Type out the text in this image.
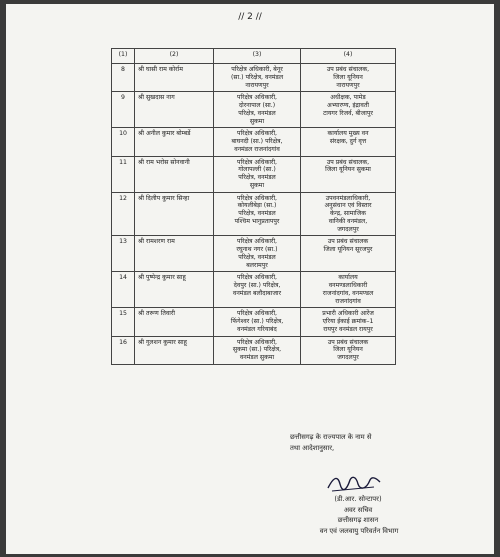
// 2 //
(1)	(2)	(3)	(4)
8	श्री घासी राम कोर्राम	परिक्षेत्र अधिकारी, बेनूर
(सा.) परिक्षेत्र, वनमंडल
नारायणपुर	उप प्रबंध संचालक,
जिला यूनियन
नारायणपुर

9	श्री सुखदास नाग	परिक्षेत्र अधिकारी,
दोरनापाल (सा.)
परिक्षेत्र, वनमंडल
सुकमा	अधीक्षक, पामेड
अभ्यारण्य, इंद्रावती
टायगर रिजर्व, बीजापुर

10	श्री अनील कुमार बोम्बर्डे	परिक्षेत्र अधिकारी,
बाघनदी (सा.) परिक्षेत्र,
वनमंडल राजनांदगांव	कार्यालय मुख्य वन
संरक्षक, दुर्ग वृत्त

11	श्री राम भरोस सोनवानी	परिक्षेत्र अधिकारी,
गोलापल्ली (सा.)
परिक्षेत्र, वनमंडल
सुकमा	उप प्रबंध संचालक,
जिला यूनियन सुकमा

12	श्री दिलीप कुमार सिन्हा	परिक्षेत्र अधिकारी,
कोयलीबेड़ा (सा.)
परिक्षेत्र, वनमंडल
पश्चिम भानुप्रतापपुर	उपवनमंडलाधिकारी,
अनुसंधान एवं विस्तार
केन्द्र, सामाजिक
वानिकी वनमंडल,
जगदलपुर

13	श्री रामशरण राम	परिक्षेत्र अधिकारी,
रघुनाथ नगर (सा.)
परिक्षेत्र, वनमंडल
बलरामपुर	उप प्रबंध संचालक
जिला यूनियन सूरजपुर

14	श्री पुष्पेन्द्र कुमार साहू	परिक्षेत्र अधिकारी,
देवपुर (सा.) परिक्षेत्र,
वनमंडल बलौदाबाजार	कार्यालय
वनमण्डलाधिकारी
राजनांदगांव, वनमण्डल
राजनांदगांव

15	श्री तरूण तिवारी	परिक्षेत्र अधिकारी,
फिंगेश्वर (सा.) परिक्षेत्र,
वनमंडल गरियाबंद	प्रभारी अधिकारी आरेंज
एरिया ईकाई क्रमांक–1
रायपुर वनमंडल रायपुर

16	श्री गुलशन कुमार साहू	परिक्षेत्र अधिकारी,
सुकमा (सा.) परिक्षेत्र,
वनमंडल सुकमा	उप प्रबंध संचालक
जिला यूनियन
जगदलपुर
छत्तीसगढ़ के राज्यपाल के नाम से
तथा आदेशानुसार,
(डी.आर. सोन्टापर)
अवर सचिव
छत्तीसगढ़ शासन
वन एवं जलवायु परिवर्तन विभाग
